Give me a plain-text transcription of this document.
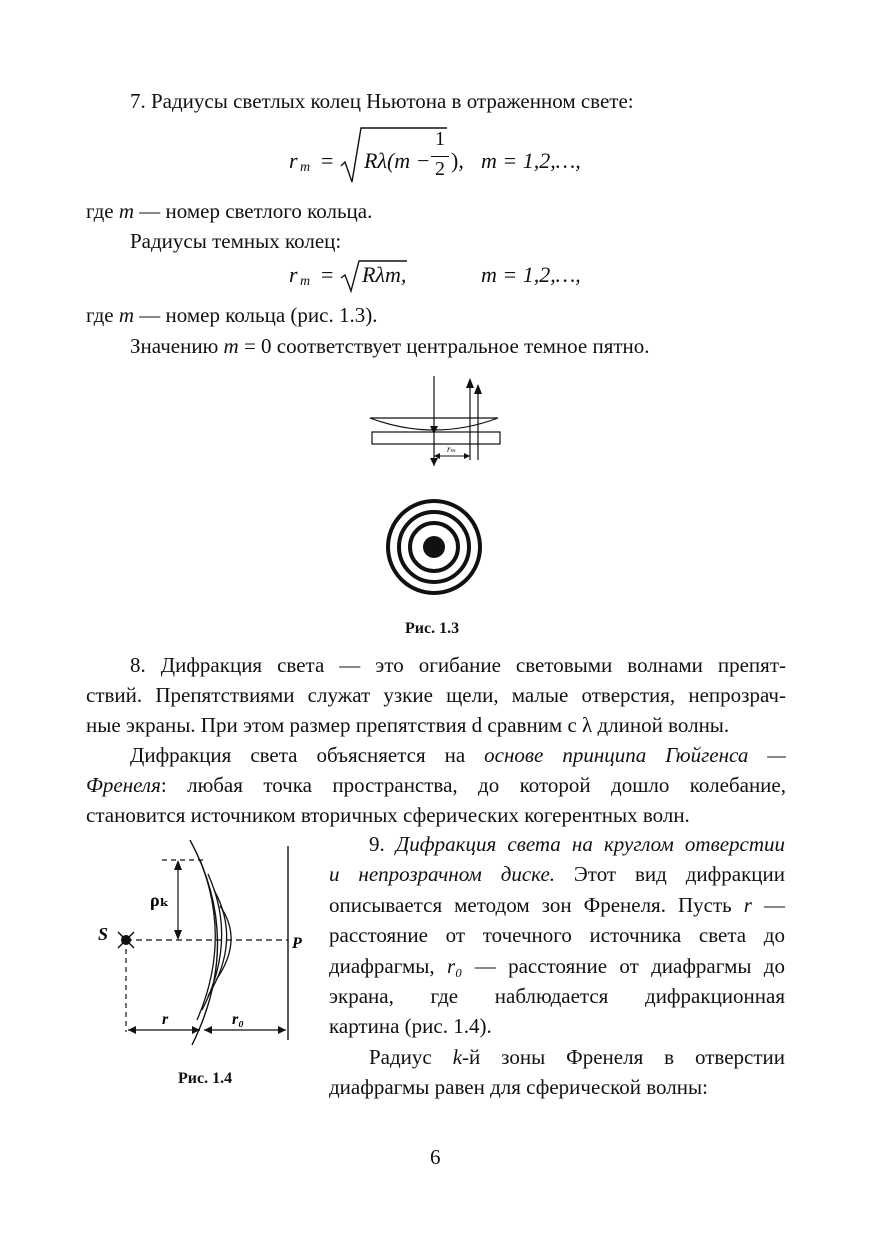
7. Радиусы светлых колец Ньютона в отраженном свете:
r m = Rλ(m −
1
2 ), m = 1,2,…,
где m — номер светлого кольца.
Радиусы темных колец:
r m = Rλm,	m = 1,2,…,
где m — номер кольца (рис. 1.3).
Значению m = 0 соответствует центральное темное пятно.
rₘ
Рис. 1.3
8. Дифракция света — это огибание световыми волнами препят-
ствий. Препятствиями служат узкие щели, малые отверстия, непрозрач-
ные экраны. При этом размер препятствия d сравним с λ длиной волны.
Дифракция света объясняется на основе принципа Гюйгенса —
Френеля: любая точка пространства, до которой дошло колебание,
становится источником вторичных сферических когерентных волн.
ρₖ
S	P
r	r₀
Рис. 1.4
9. Дифракция света на круглом отверстии
и непрозрачном диске. Этот вид дифракции
описывается методом зон Френеля. Пусть r —
расстояние от точечного источника света до
диафрагмы, r₀ — расстояние от диафрагмы до
экрана, где наблюдается дифракционная
картина (рис. 1.4).
Радиус k-й зоны Френеля в отверстии
диафрагмы равен для сферической волны:
6
